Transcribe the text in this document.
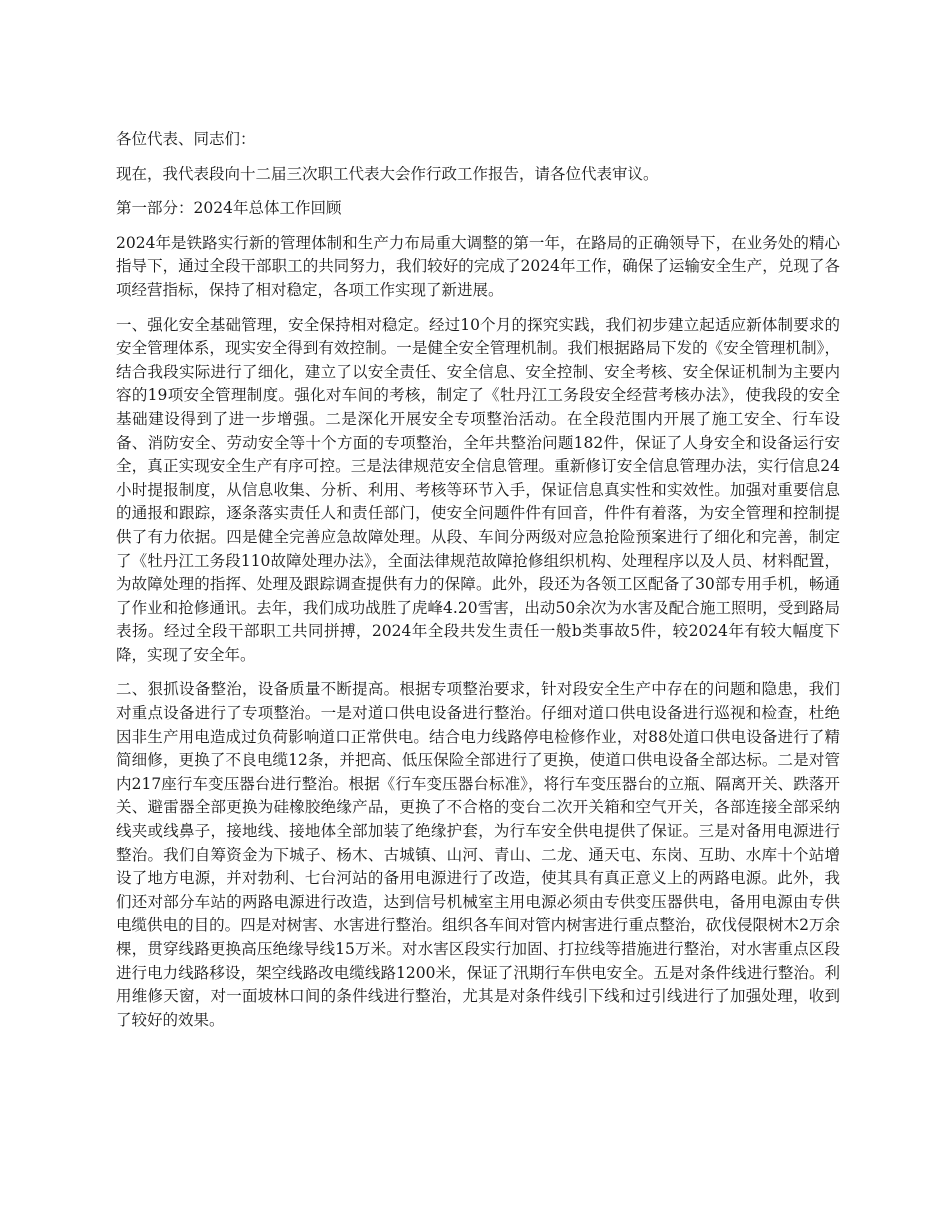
各位代表、同志们：

现在，我代表段向十二届三次职工代表大会作行政工作报告，请各位代表审议。

第一部分：2024年总体工作回顾

2024年是铁路实行新的管理体制和生产力布局重大调整的第一年，在路局的正确领导下，在业务处的精心指导下，通过全段干部职工的共同努力，我们较好的完成了2024年工作，确保了运输安全生产，兑现了各项经营指标，保持了相对稳定，各项工作实现了新进展。

一、强化安全基础管理，安全保持相对稳定。经过10个月的探究实践，我们初步建立起适应新体制要求的安全管理体系，现实安全得到有效控制。一是健全安全管理机制。我们根据路局下发的《安全管理机制》，结合我段实际进行了细化，建立了以安全责任、安全信息、安全控制、安全考核、安全保证机制为主要内容的19项安全管理制度。强化对车间的考核，制定了《牡丹江工务段安全经营考核办法》，使我段的安全基础建设得到了进一步增强。二是深化开展安全专项整治活动。在全段范围内开展了施工安全、行车设备、消防安全、劳动安全等十个方面的专项整治，全年共整治问题182件，保证了人身安全和设备运行安全，真正实现安全生产有序可控。三是法律规范安全信息管理。重新修订安全信息管理办法，实行信息24小时提报制度，从信息收集、分析、利用、考核等环节入手，保证信息真实性和实效性。加强对重要信息的通报和跟踪，逐条落实责任人和责任部门，使安全问题件件有回音，件件有着落，为安全管理和控制提供了有力依据。四是健全完善应急故障处理。从段、车间分两级对应急抢险预案进行了细化和完善，制定了《牡丹江工务段110故障处理办法》，全面法律规范故障抢修组织机构、处理程序以及人员、材料配置，为故障处理的指挥、处理及跟踪调查提供有力的保障。此外，段还为各领工区配备了30部专用手机，畅通了作业和抢修通讯。去年，我们成功战胜了虎峰4.20雪害，出动50余次为水害及配合施工照明，受到路局表扬。经过全段干部职工共同拼搏，2024年全段共发生责任一般b类事故5件，较2024年有较大幅度下降，实现了安全年。

二、狠抓设备整治，设备质量不断提高。根据专项整治要求，针对段安全生产中存在的问题和隐患，我们对重点设备进行了专项整治。一是对道口供电设备进行整治。仔细对道口供电设备进行巡视和检查，杜绝因非生产用电造成过负荷影响道口正常供电。结合电力线路停电检修作业，对88处道口供电设备进行了精简细修，更换了不良电缆12条，并把高、低压保险全部进行了更换，使道口供电设备全部达标。二是对管内217座行车变压器台进行整治。根据《行车变压器台标准》，将行车变压器台的立瓶、隔离开关、跌落开关、避雷器全部更换为硅橡胶绝缘产品，更换了不合格的变台二次开关箱和空气开关，各部连接全部采纳线夹或线鼻子，接地线、接地体全部加装了绝缘护套，为行车安全供电提供了保证。三是对备用电源进行整治。我们自筹资金为下城子、杨木、古城镇、山河、青山、二龙、通天屯、东岗、互助、水库十个站增设了地方电源，并对勃利、七台河站的备用电源进行了改造，使其具有真正意义上的两路电源。此外，我们还对部分车站的两路电源进行改造，达到信号机械室主用电源必须由专供变压器供电，备用电源由专供电缆供电的目的。四是对树害、水害进行整治。组织各车间对管内树害进行重点整治，砍伐侵限树木2万余棵，贯穿线路更换高压绝缘导线15万米。对水害区段实行加固、打拉线等措施进行整治，对水害重点区段进行电力线路移设，架空线路改电缆线路1200米，保证了汛期行车供电安全。五是对条件线进行整治。利用维修天窗，对一面坡林口间的条件线进行整治，尤其是对条件线引下线和过引线进行了加强处理，收到了较好的效果。
